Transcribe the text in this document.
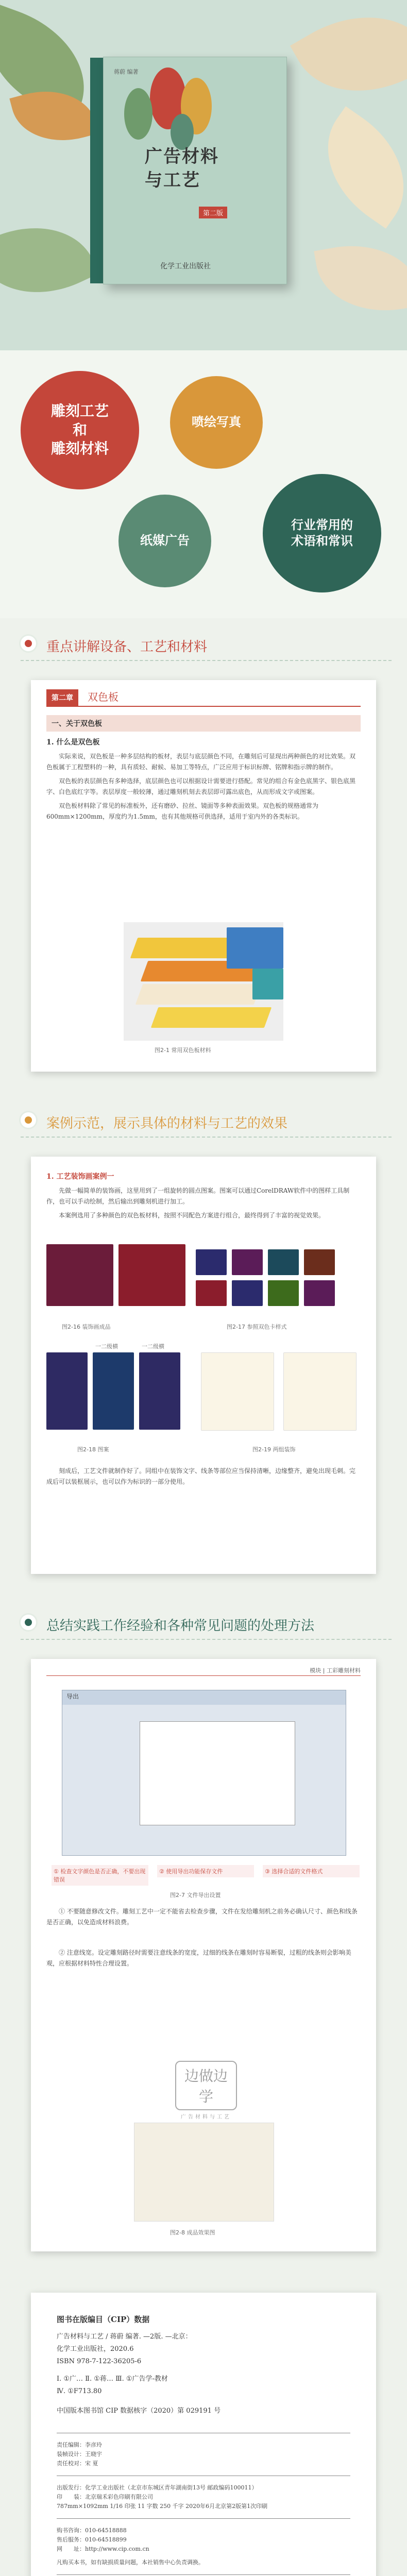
蒋蔚 编著
广告材料
与工艺
第二版
化学工业出版社
雕刻工艺
和
雕刻材料
喷绘写真
纸媒广告
行业常用的
术语和常识
重点讲解设备、工艺和材料
第二章	双色板
一、关于双色板
1. 什么是双色板

实际来说，双色板是一种多层结构的板材，表层与底层颜色不同，在雕刻后可显现出两种颜色的对比效果。双色板属于工程塑料的一种，具有质轻、耐候、易加工等特点，广泛应用于标识标牌、铭牌和指示牌的制作。

双色板的表层颜色有多种选择，底层颜色也可以根据设计需要进行搭配。常见的组合有金色底黑字、银色底黑字、白色底红字等。表层厚度一般较薄，通过雕刻机刻去表层即可露出底色，从而形成文字或图案。

双色板材料除了常见的标准板外，还有磨砂、拉丝、镜面等多种表面效果。双色板的规格通常为 600mm×1200mm，厚度约为1.5mm，也有其他规格可供选择，适用于室内外的各类标识。

图2-1 常用双色板材料
案例示范，展示具体的材料与工艺的效果
1. 工艺装饰画案例一

先做一幅简单的装饰画，这里用到了一组旋转的圆点图案。图案可以通过CorelDRAW软件中的图样工具制作，也可以手动绘制，然后输出到雕刻机进行加工。

本案例选用了多种颜色的双色板材料，按照不同配色方案进行组合，最终得到了丰富的视觉效果。

图2-16 装饰画成品	图2-17 参照双色卡样式
一二级横	一二级横
图2-18 图案	图2-19 两组装饰

刻成后，工艺文件就制作好了。同组中在装饰文字、线条等部位应当保持清晰，边缘整齐，避免出现毛刺。完成后可以装框展示，也可以作为标识的一部分使用。

总结实践工作经验和各种常见问题的处理方法
模块 | 工彩雕刻材料
导出
① 检查文字颜色是否正确，不要出现错误
② 使用导出功能保存文件	③ 选择合适的文件格式
图2-7 文件导出设置

① 不要随意修改文件。雕刻工艺中一定不能省去检查步骤，文件在发给雕刻机之前务必确认尺寸、颜色和线条是否正确，以免造成材料浪费。

② 注意线宽。设定雕刻路径时需要注意线条的宽度，过细的线条在雕刻时容易断裂，过粗的线条则会影响美观，应根据材料特性合理设置。

边做边学
广告材料与工艺
图2-8 成品效果图
图书在版编目（CIP）数据
广告材料与工艺 / 蒋蔚 编著. —2版. —北京：
化学工业出版社，2020.6
ISBN 978-7-122-36205-6
Ⅰ. ①广… Ⅱ. ①蒋… Ⅲ. ①广告学-教材
Ⅳ. ①F713.80
中国版本图书馆 CIP 数据核字（2020）第 029191 号
责任编辑：李彦玲
装帧设计：王晓宇
责任校对：宋 夏
出版发行：化学工业出版社（北京市东城区青年湖南街13号 邮政编码100011）
印　　装：北京瑞禾彩色印刷有限公司
787mm×1092mm 1/16 印张 11 字数 250 千字 2020年6月北京第2版第1次印刷
购书咨询：010-64518888
售后服务：010-64518899
网　　址：http://www.cip.com.cn
凡购买本书，如有缺损质量问题，本社销售中心负责调换。
